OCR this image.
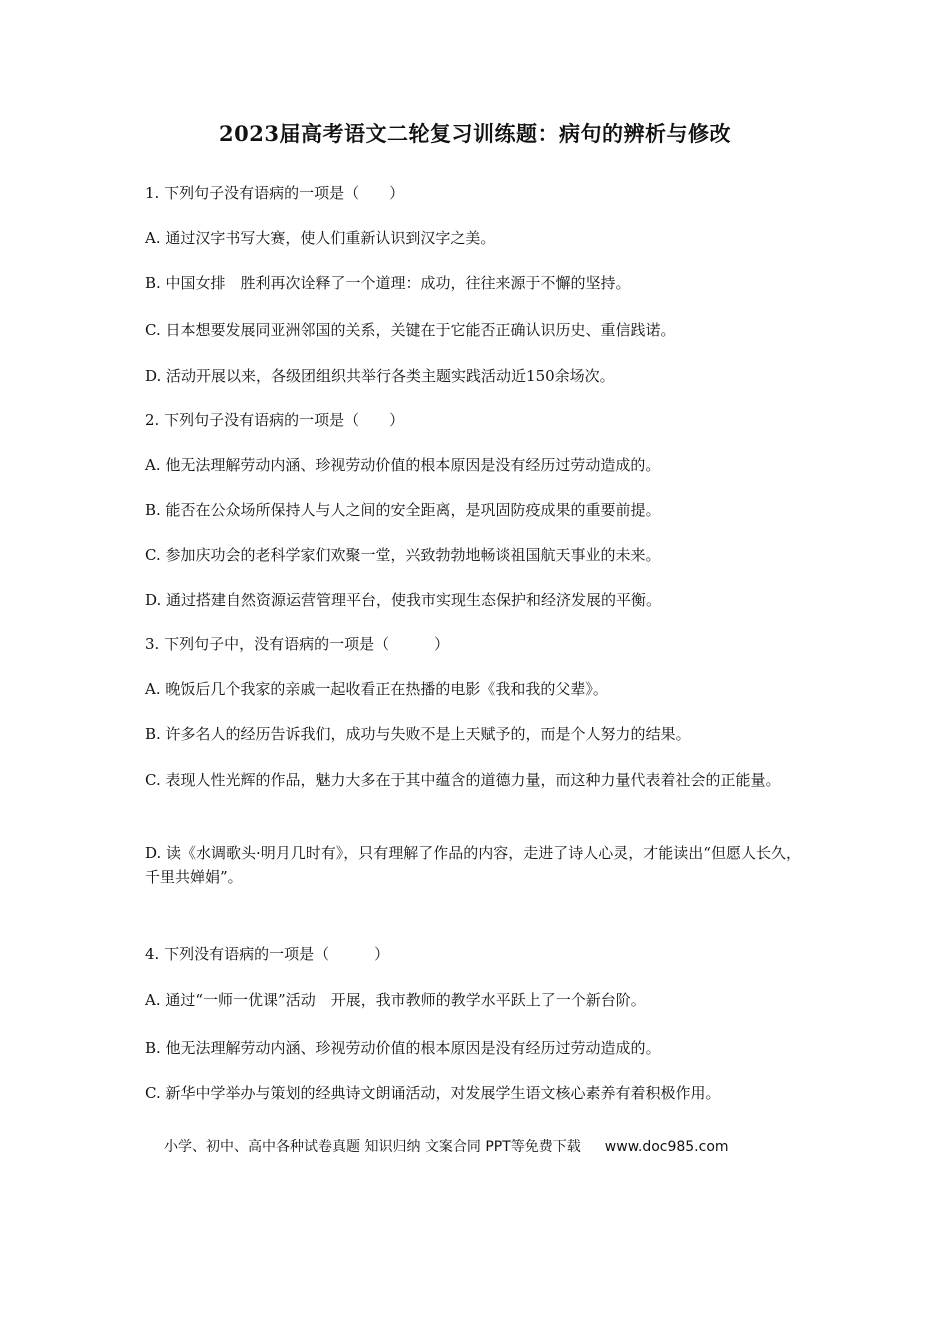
2023届高考语文二轮复习训练题：病句的辨析与修改
1. 下列句子没有语病的一项是（　　）
A. 通过汉字书写大赛，使人们重新认识到汉字之美。
B. 中国女排　胜利再次诠释了一个道理：成功，往往来源于不懈的坚持。
C. 日本想要发展同亚洲邻国的关系，关键在于它能否正确认识历史、重信践诺。
D. 活动开展以来，各级团组织共举行各类主题实践活动近150余场次。
2. 下列句子没有语病的一项是（　　）
A. 他无法理解劳动内涵、珍视劳动价值的根本原因是没有经历过劳动造成的。
B. 能否在公众场所保持人与人之间的安全距离，是巩固防疫成果的重要前提。
C. 参加庆功会的老科学家们欢聚一堂，兴致勃勃地畅谈祖国航天事业的未来。
D. 通过搭建自然资源运营管理平台，使我市实现生态保护和经济发展的平衡。
3. 下列句子中，没有语病的一项是（　　　）
A. 晚饭后几个我家的亲戚一起收看正在热播的电影《我和我的父辈》。
B. 许多名人的经历告诉我们，成功与失败不是上天赋予的，而是个人努力的结果。
C. 表现人性光辉的作品，魅力大多在于其中蕴含的道德力量，而这种力量代表着社会的正能量。
D. 读《水调歌头·明月几时有》，只有理解了作品的内容，走进了诗人心灵，才能读出“但愿人长久，千里共婵娟”。
4. 下列没有语病的一项是（　　　）
A. 通过“一师一优课”活动　开展，我市教师的教学水平跃上了一个新台阶。
B. 他无法理解劳动内涵、珍视劳动价值的根本原因是没有经历过劳动造成的。
C. 新华中学举办与策划的经典诗文朗诵活动，对发展学生语文核心素养有着积极作用。
小学、初中、高中各种试卷真题 知识归纳 文案合同 PPT等免费下载 www.doc985.com
